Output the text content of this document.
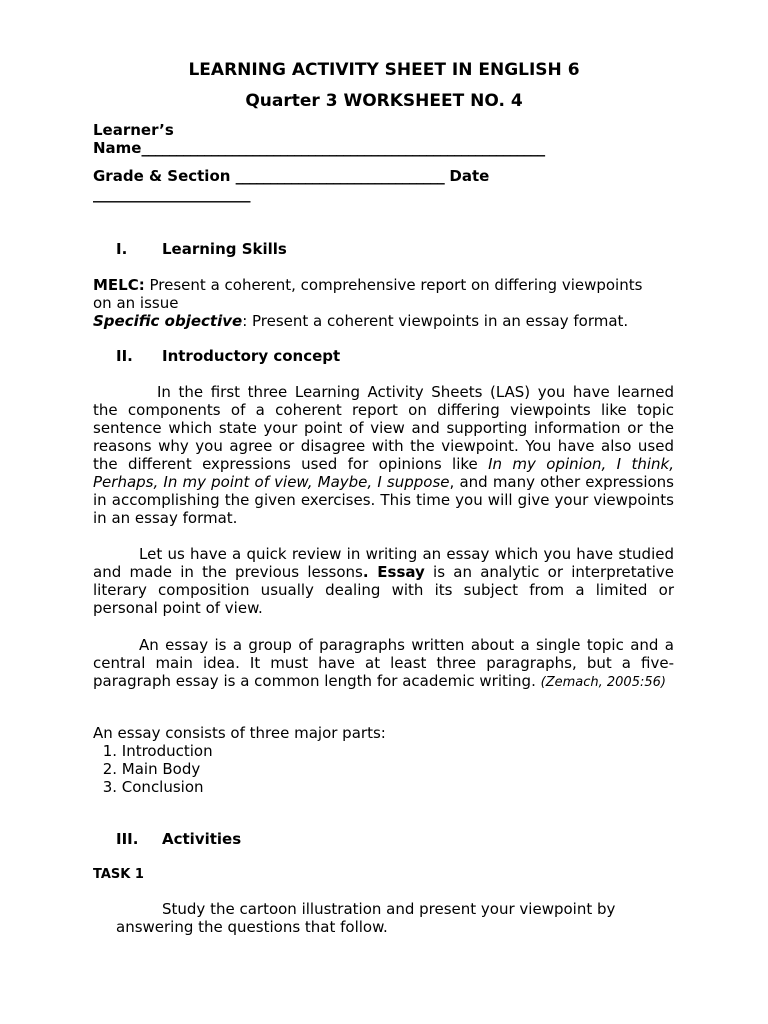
LEARNING ACTIVITY SHEET IN ENGLISH 6
Quarter 3 WORKSHEET NO. 4
Learner’s
Name__________________________________________________________
Grade & Section ______________________________ Date
_____________________
I. Learning Skills
MELC: Present a coherent, comprehensive report on differing viewpoints
on an issue
Specific objective: Present a coherent viewpoints in an essay format.
II. Introductory concept
In the first three Learning Activity Sheets (LAS) you have learned the components of a coherent report on differing viewpoints like topic sentence which state your point of view and supporting information or the reasons why you agree or disagree with the viewpoint. You have also used the different expressions used for opinions like In my opinion, I think, Perhaps, In my point of view, Maybe, I suppose, and many other expressions in accomplishing the given exercises. This time you will give your viewpoints in an essay format.
Let us have a quick review in writing an essay which you have studied and made in the previous lessons. Essay is an analytic or interpretative literary composition usually dealing with its subject from a limited or personal point of view.
An essay is a group of paragraphs written about a single topic and a central main idea. It must have at least three paragraphs, but a five-paragraph essay is a common length for academic writing. (Zemach, 2005:56)
An essay consists of three major parts:
1. Introduction
2. Main Body
3. Conclusion
III. Activities
TASK 1
Study the cartoon illustration and present your viewpoint by
answering the questions that follow.
